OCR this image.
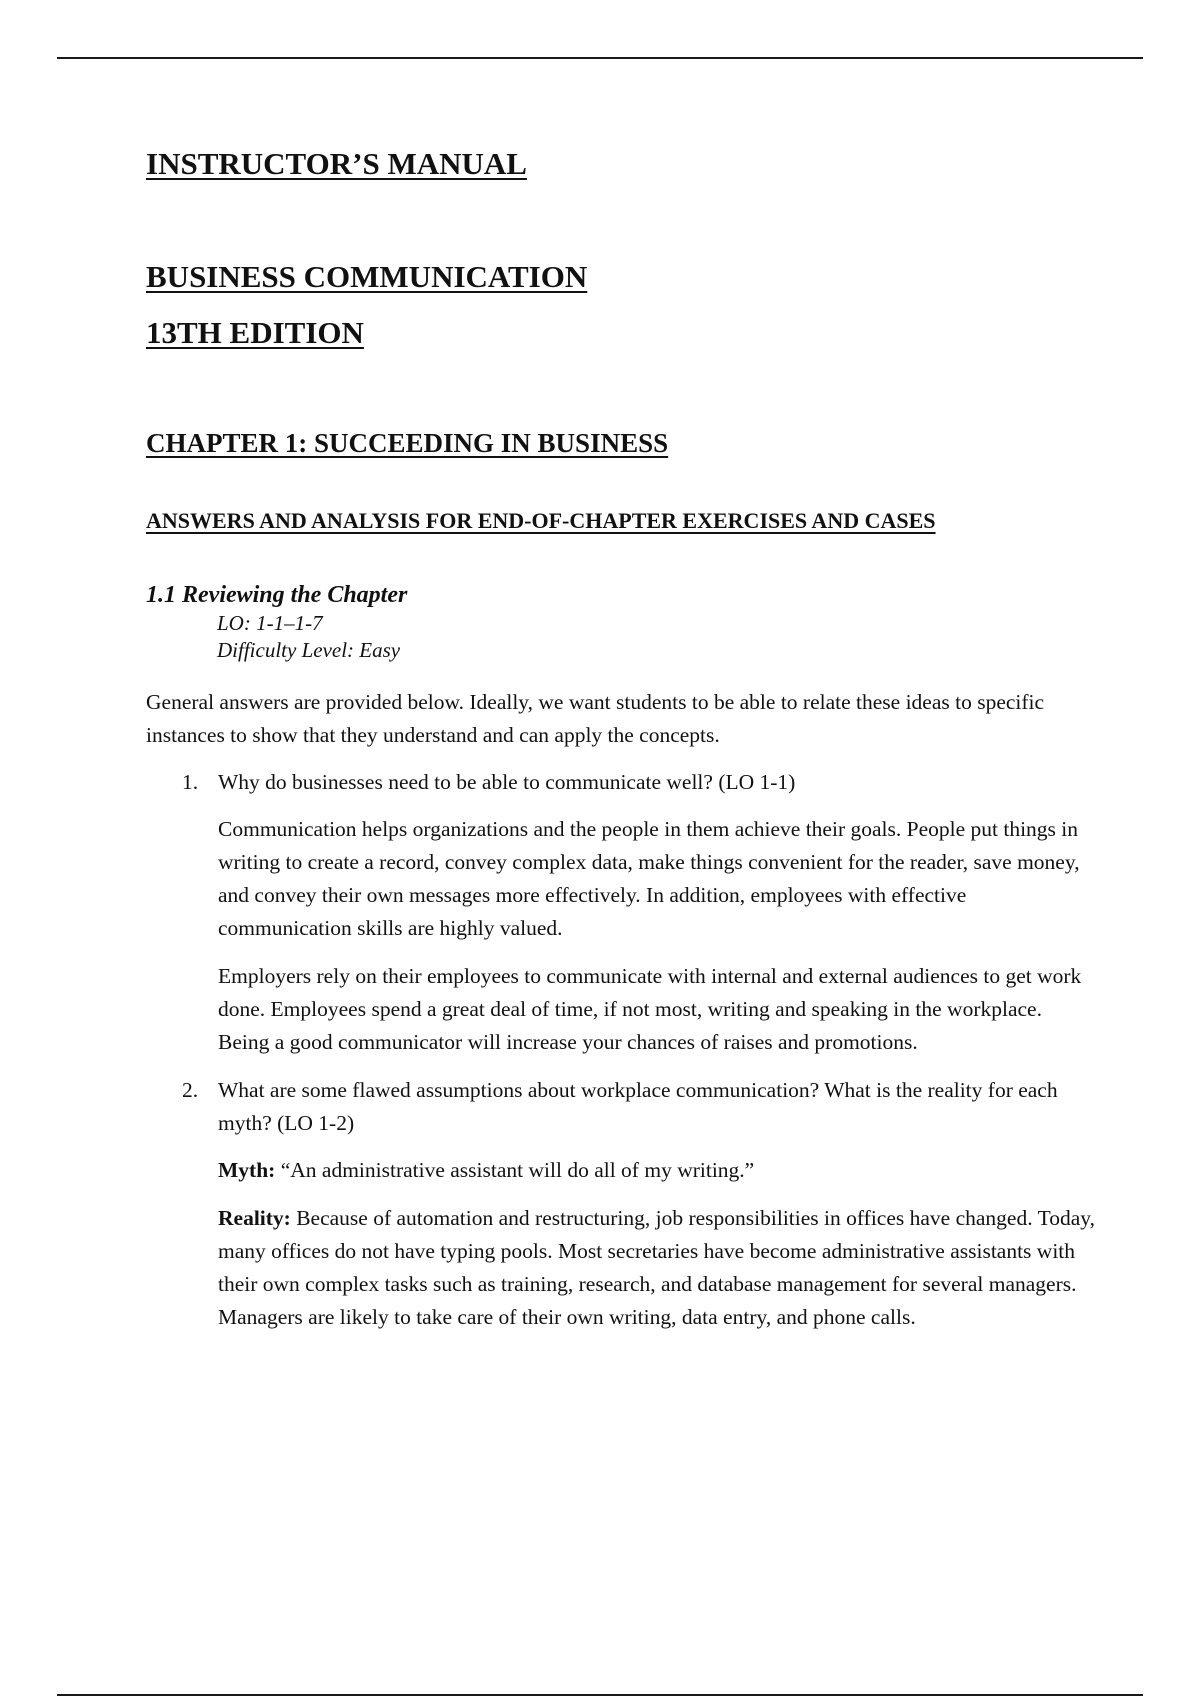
INSTRUCTOR’S MANUAL
BUSINESS COMMUNICATION
13TH EDITION
CHAPTER 1: SUCCEEDING IN BUSINESS
ANSWERS AND ANALYSIS FOR END-OF-CHAPTER EXERCISES AND CASES
1.1 Reviewing the Chapter
LO: 1-1–1-7
Difficulty Level: Easy

General answers are provided below. Ideally, we want students to be able to relate these ideas to specific instances to show that they understand and can apply the concepts.

1. Why do businesses need to be able to communicate well? (LO 1-1)

Communication helps organizations and the people in them achieve their goals. People put things in writing to create a record, convey complex data, make things convenient for the reader, save money, and convey their own messages more effectively. In addition, employees with effective communication skills are highly valued.

Employers rely on their employees to communicate with internal and external audiences to get work done. Employees spend a great deal of time, if not most, writing and speaking in the workplace. Being a good communicator will increase your chances of raises and promotions.

2. What are some flawed assumptions about workplace communication? What is the reality for each myth? (LO 1-2)

Myth: “An administrative assistant will do all of my writing.”

Reality: Because of automation and restructuring, job responsibilities in offices have changed. Today, many offices do not have typing pools. Most secretaries have become administrative assistants with their own complex tasks such as training, research, and database management for several managers. Managers are likely to take care of their own writing, data entry, and phone calls.
